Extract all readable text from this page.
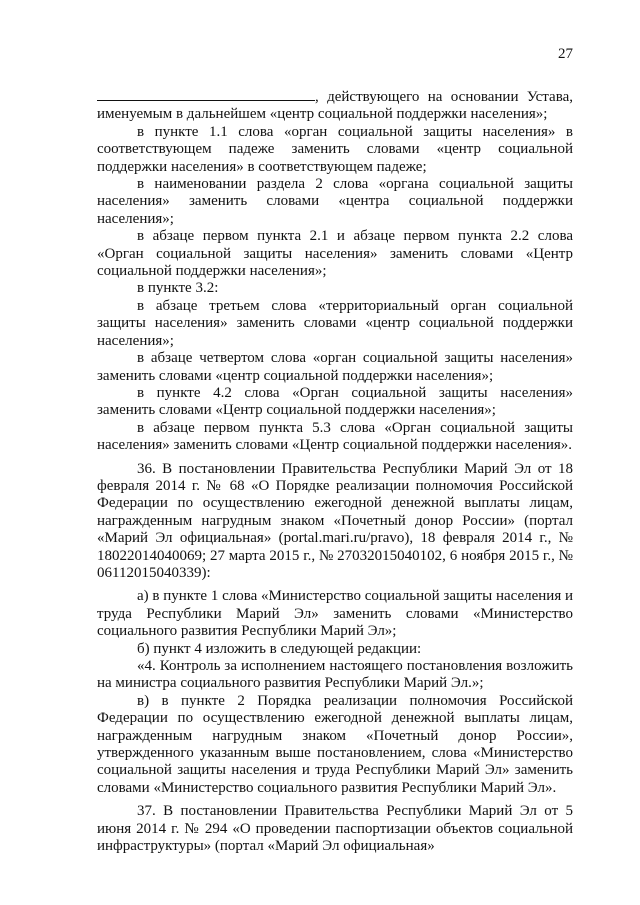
27

, действующего на основании Устава, именуемым в дальнейшем «центр социальной поддержки населения»;

в пункте 1.1 слова «орган социальной защиты населения» в соответствующем падеже заменить словами «центр социальной поддержки населения» в соответствующем падеже;

в наименовании раздела 2 слова «органа социальной защиты населения» заменить словами «центра социальной поддержки населения»;

в абзаце первом пункта 2.1 и абзаце первом пункта 2.2 слова «Орган социальной защиты населения» заменить словами «Центр социальной поддержки населения»;

в пункте 3.2:

в абзаце третьем слова «территориальный орган социальной защиты населения» заменить словами «центр социальной поддержки населения»;

в абзаце четвертом слова «орган социальной защиты населения» заменить словами «центр социальной поддержки населения»;

в пункте 4.2 слова «Орган социальной защиты населения» заменить словами «Центр социальной поддержки населения»;

в абзаце первом пункта 5.3 слова «Орган социальной защиты населения» заменить словами «Центр социальной поддержки населения».

36. В постановлении Правительства Республики Марий Эл от 18 февраля 2014 г. № 68 «О Порядке реализации полномочия Российской Федерации по осуществлению ежегодной денежной выплаты лицам, награжденным нагрудным знаком «Почетный донор России» (портал «Марий Эл официальная» (portal.mari.ru/pravo), 18 февраля 2014 г., № 18022014040069; 27 марта 2015 г., № 27032015040102, 6 ноября 2015 г., № 06112015040339):

а) в пункте 1 слова «Министерство социальной защиты населения и труда Республики Марий Эл» заменить словами «Министерство социального развития Республики Марий Эл»;

б) пункт 4 изложить в следующей редакции:

«4. Контроль за исполнением настоящего постановления возложить на министра социального развития Республики Марий Эл.»;

в) в пункте 2 Порядка реализации полномочия Российской Федерации по осуществлению ежегодной денежной выплаты лицам, награжденным нагрудным знаком «Почетный донор России», утвержденного указанным выше постановлением, слова «Министерство социальной защиты населения и труда Республики Марий Эл» заменить словами «Министерство социального развития Республики Марий Эл».

37. В постановлении Правительства Республики Марий Эл от 5 июня 2014 г. № 294 «О проведении паспортизации объектов социальной инфраструктуры» (портал «Марий Эл официальная»
